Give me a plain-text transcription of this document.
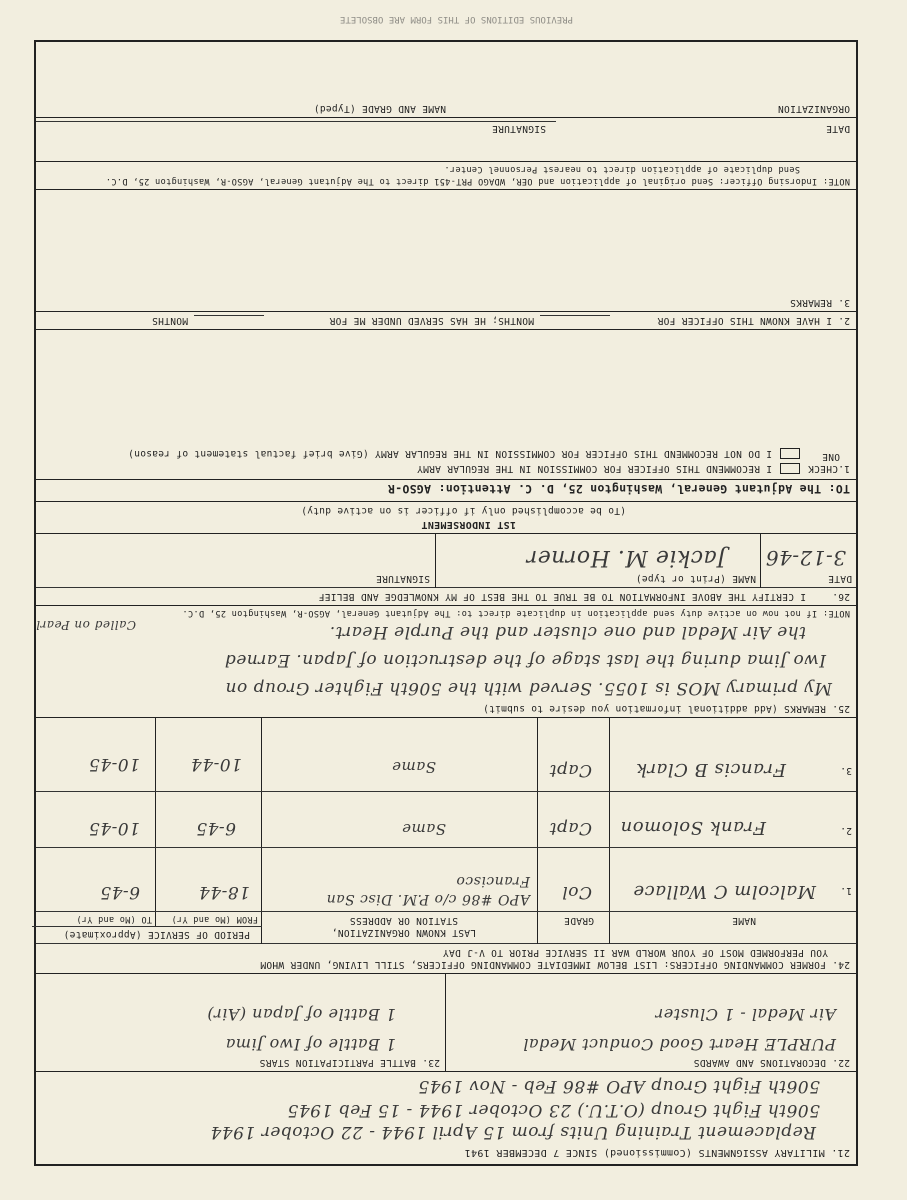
21. MILITARY ASSIGNMENTS (Commissioned) SINCE 7 DECEMBER 1941
Replacement Training Units from 15 April 1944 - 22 October 1944
506th Fight Group (O.T.U.) 23 October 1944 - 15 Feb 1945
506th Fight Group APO #86 Feb - Nov 1945
22. DECORATIONS AND AWARDS
23. BATTLE PARTICIPATION STARS
PURPLE Heart Good Conduct Medal
Air Medal - 1 Cluster
1 Battle of Iwo Jima
1 Battle of Japan (Air)
24. FORMER COMMANDING OFFICERS: LIST BELOW IMMEDIATE COMMANDING OFFICERS, STILL LIVING, UNDER WHOM
YOU PERFORMED MOST OF YOUR WORLD WAR II SERVICE PRIOR TO V-J DAY
NAME
GRADE
LAST KNOWN ORGANIZATION,
STATION OR ADDRESS
PERIOD OF SERVICE (Approximate)
FROM (Mo and Yr)
TO (Mo and Yr)
1.
Malcolm C Wallace
Col
APO #86 c/o P.M. Disc San Francisco
18-44
6-45
2.
Frank Solomon
Capt
Same
6-45
10-45
3.
Francis B Clark
Capt
Same
10-44
10-45
25. REMARKS (Add additional information you desire to submit)
My primary MOS is 1055. Served with the 506th Fighter Group on
Iwo Jima during the last stage of the destruction of Japan. Earned
the Air Medal and one cluster and the Purple Heart.
Called on Pearl
NOTE: If not now on active duty send application in duplicate direct to: The Adjutant General, AGSO-R, Washington 25, D.C.
26.
I CERTIFY THE ABOVE INFORMATION TO BE TRUE TO THE BEST OF MY KNOWLEDGE AND BELIEF
DATE
3-12-46
NAME (Print or type)
Jackie M. Horner
SIGNATURE
1ST INDORSEMENT
(To be accomplished only if officer is on active duty)
TO: The Adjutant General, Washington 25, D. C. Attention: AGSO-R
1.CHECK
ONE
I RECOMMEND THIS OFFICER FOR COMMISSION IN THE REGULAR ARMY
I DO NOT RECOMMEND THIS OFFICER FOR COMMISSION IN THE REGULAR ARMY (Give brief factual statement of reason)
2. I HAVE KNOWN THIS OFFICER FOR
MONTHS; HE HAS SERVED UNDER ME FOR
MONTHS
3. REMARKS
NOTE: Indorsing Officer: Send original of application and OER, WDAGO PRT-451 direct to The Adjutant General, AGSO-R, Washington 25, D.C.
Send duplicate of application direct to nearest Personnel Center.
DATE
SIGNATURE
ORGANIZATION
NAME AND GRADE (Typed)
PREVIOUS EDITIONS OF THIS FORM ARE OBSOLETE
